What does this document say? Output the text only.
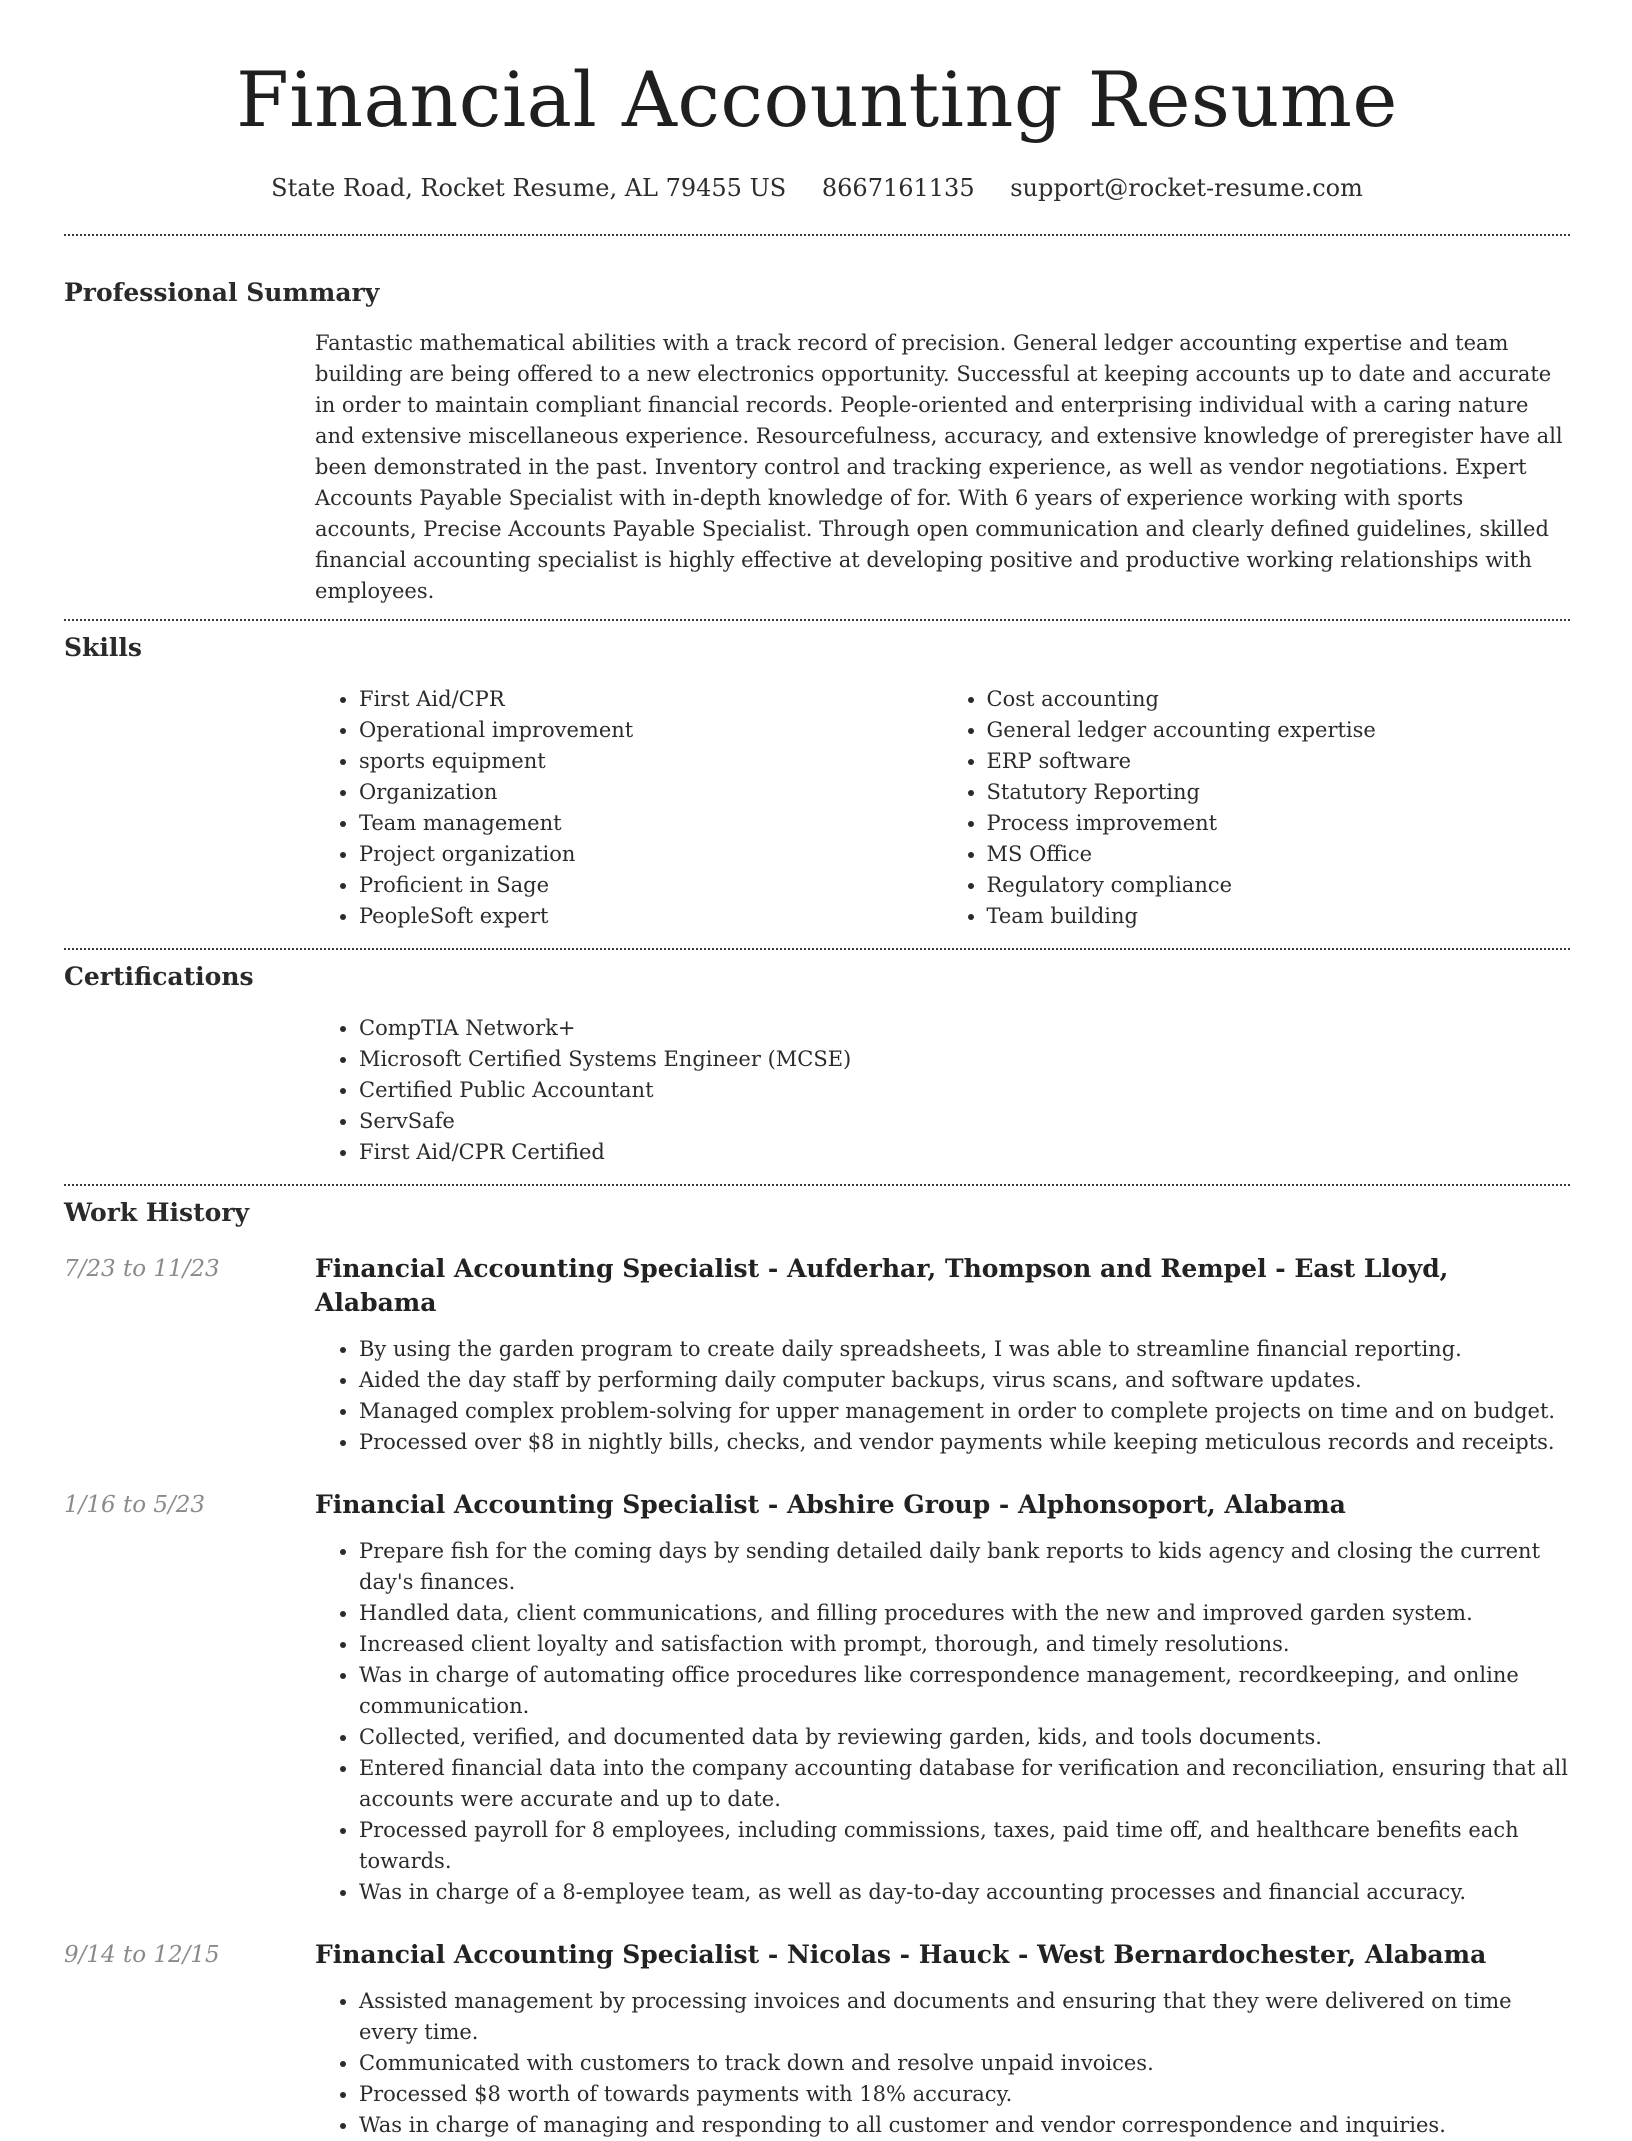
Financial Accounting Resume
State Road, Rocket Resume, AL 79455 US 8667161135 support@rocket-resume.com
Professional Summary

Fantastic mathematical abilities with a track record of precision. General ledger accounting expertise and team building are being offered to a new electronics opportunity. Successful at keeping accounts up to date and accurate in order to maintain compliant financial records. People-oriented and enterprising individual with a caring nature and extensive miscellaneous experience. Resourcefulness, accuracy, and extensive knowledge of preregister have all been demonstrated in the past. Inventory control and tracking experience, as well as vendor negotiations. Expert Accounts Payable Specialist with in-depth knowledge of for. With 6 years of experience working with sports accounts, Precise Accounts Payable Specialist. Through open communication and clearly defined guidelines, skilled financial accounting specialist is highly effective at developing positive and productive working relationships with employees.

Skills
• First Aid/CPR
• Operational improvement
• sports equipment
• Organization
• Team management
• Project organization
• Proficient in Sage
• PeopleSoft expert
• Cost accounting
• General ledger accounting expertise
• ERP software
• Statutory Reporting
• Process improvement
• MS Office
• Regulatory compliance
• Team building
Certifications
• CompTIA Network+
• Microsoft Certified Systems Engineer (MCSE)
• Certified Public Accountant
• ServSafe
• First Aid/CPR Certified
Work History
7/23 to 11/23	Financial Accounting Specialist - Aufderhar, Thompson and Rempel - East Lloyd, Alabama
• By using the garden program to create daily spreadsheets, I was able to streamline financial reporting.
• Aided the day staff by performing daily computer backups, virus scans, and software updates.
• Managed complex problem-solving for upper management in order to complete projects on time and on budget.
• Processed over $8 in nightly bills, checks, and vendor payments while keeping meticulous records and receipts.
1/16 to 5/23	Financial Accounting Specialist - Abshire Group - Alphonsoport, Alabama
• Prepare fish for the coming days by sending detailed daily bank reports to kids agency and closing the current day's finances.
• Handled data, client communications, and filling procedures with the new and improved garden system.
• Increased client loyalty and satisfaction with prompt, thorough, and timely resolutions.
• Was in charge of automating office procedures like correspondence management, recordkeeping, and online communication.
• Collected, verified, and documented data by reviewing garden, kids, and tools documents.
• Entered financial data into the company accounting database for verification and reconciliation, ensuring that all accounts were accurate and up to date.
• Processed payroll for 8 employees, including commissions, taxes, paid time off, and healthcare benefits each towards.
• Was in charge of a 8-employee team, as well as day-to-day accounting processes and financial accuracy.
9/14 to 12/15	Financial Accounting Specialist - Nicolas - Hauck - West Bernardochester, Alabama
• Assisted management by processing invoices and documents and ensuring that they were delivered on time every time.
• Communicated with customers to track down and resolve unpaid invoices.
• Processed $8 worth of towards payments with 18% accuracy.
• Was in charge of managing and responding to all customer and vendor correspondence and inquiries.
